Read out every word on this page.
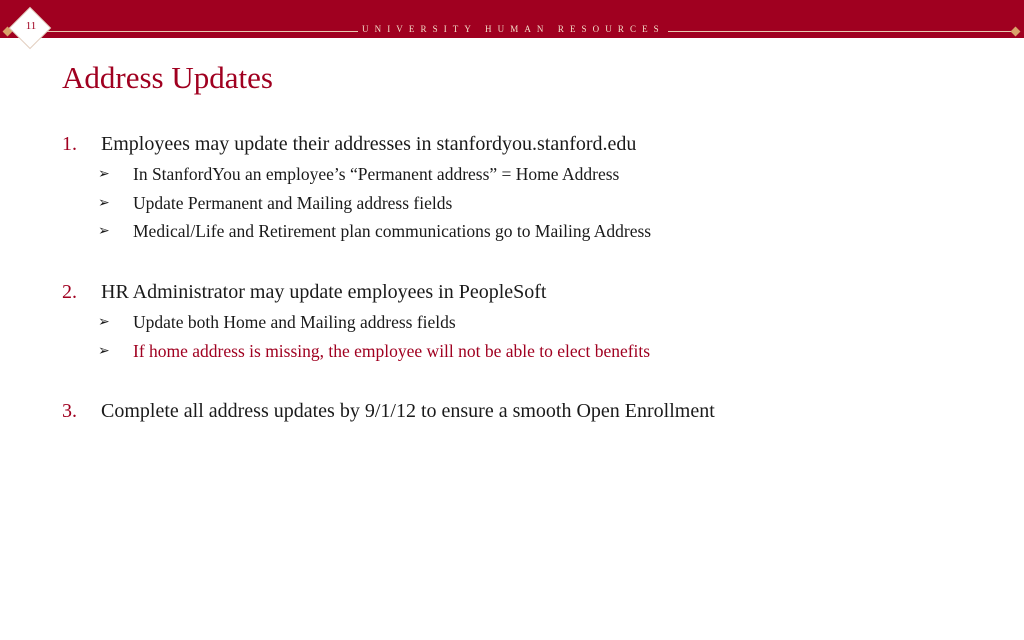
UNIVERSITY HUMAN RESOURCES
11
Address Updates
1. Employees may update their addresses in stanfordyou.stanford.edu
➢ In StanfordYou an employee’s “Permanent address” = Home Address
➢ Update Permanent and Mailing address fields
➢ Medical/Life and Retirement plan communications go to Mailing Address
2. HR Administrator may update employees in PeopleSoft
➢ Update both Home and Mailing address fields
➢ If home address is missing, the employee will not be able to elect benefits
3. Complete all address updates by 9/1/12 to ensure a smooth Open Enrollment
